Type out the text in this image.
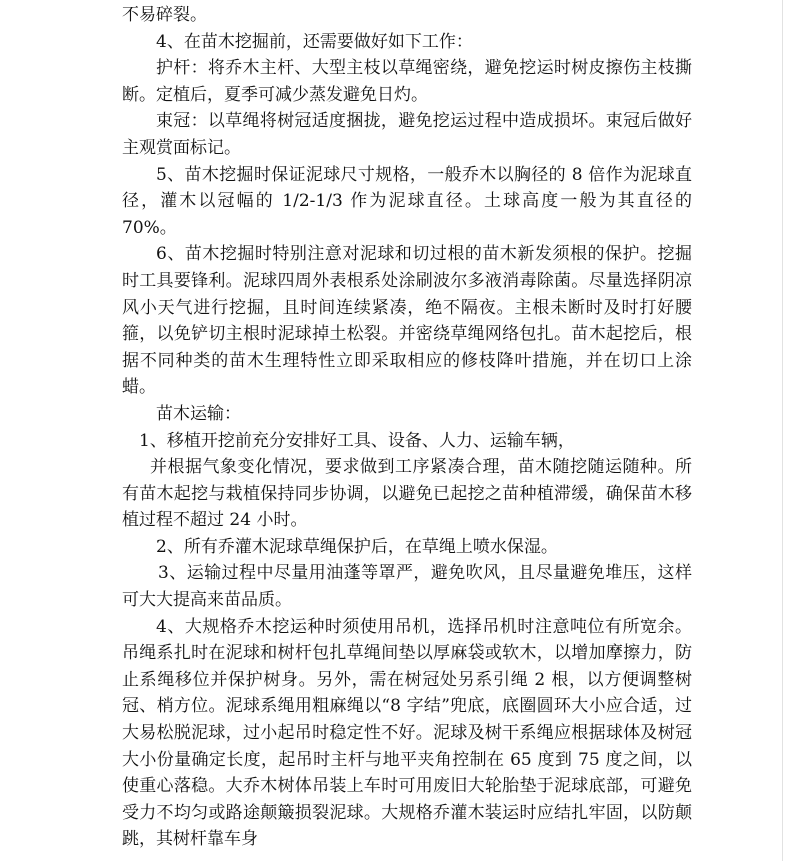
不易碎裂。

4、在苗木挖掘前，还需要做好如下工作：

护杆：将乔木主杆、大型主枝以草绳密绕，避免挖运时树皮擦伤主枝撕断。定植后，夏季可减少蒸发避免日灼。

束冠：以草绳将树冠适度捆拢，避免挖运过程中造成损坏。束冠后做好主观赏面标记。

5、苗木挖掘时保证泥球尺寸规格，一般乔木以胸径的 8 倍作为泥球直径，灌木以冠幅的 1/2-1/3 作为泥球直径。土球高度一般为其直径的 70%。

6、苗木挖掘时特别注意对泥球和切过根的苗木新发须根的保护。挖掘时工具要锋利。泥球四周外表根系处涂刷波尔多液消毒除菌。尽量选择阴凉风小天气进行挖掘，且时间连续紧凑，绝不隔夜。主根未断时及时打好腰箍，以免铲切主根时泥球掉土松裂。并密绕草绳网络包扎。苗木起挖后，根据不同种类的苗木生理特性立即采取相应的修枝降叶措施，并在切口上涂蜡。

苗木运输：

1、移植开挖前充分安排好工具、设备、人力、运输车辆，

并根据气象变化情况，要求做到工序紧凑合理，苗木随挖随运随种。所有苗木起挖与栽植保持同步协调，以避免已起挖之苗种植滞缓，确保苗木移植过程不超过 24 小时。

2、所有乔灌木泥球草绳保护后，在草绳上喷水保湿。

3、运输过程中尽量用油蓬等罩严，避免吹风，且尽量避免堆压，这样可大大提高来苗品质。

4、大规格乔木挖运种时须使用吊机，选择吊机时注意吨位有所宽余。吊绳系扎时在泥球和树杆包扎草绳间垫以厚麻袋或软木，以增加摩擦力，防止系绳移位并保护树身。另外，需在树冠处另系引绳 2 根，以方便调整树冠、梢方位。泥球系绳用粗麻绳以“8 字结”兜底，底圈圆环大小应合适，过大易松脱泥球，过小起吊时稳定性不好。泥球及树干系绳应根据球体及树冠大小份量确定长度，起吊时主杆与地平夹角控制在 65 度到 75 度之间，以使重心落稳。大乔木树体吊装上车时可用废旧大轮胎垫于泥球底部，可避免受力不均匀或路途颠簸损裂泥球。大规格乔灌木装运时应结扎牢固，以防颠跳，其树杆靠车身
